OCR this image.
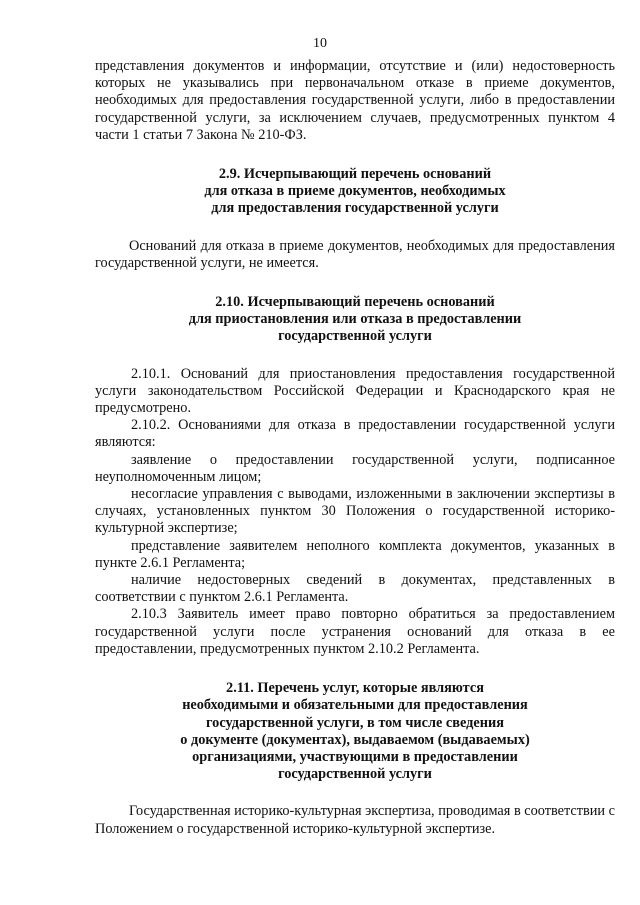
10

представления документов и информации, отсутствие и (или) недостоверность которых не указывались при первоначальном отказе в приеме документов, необходимых для предоставления государственной услуги, либо в предоставлении государственной услуги, за исключением случаев, предусмотренных пунктом 4 части 1 статьи 7 Закона № 210-ФЗ.

2.9. Исчерпывающий перечень оснований
для отказа в приеме документов, необходимых
для предоставления государственной услуги

Оснований для отказа в приеме документов, необходимых для предоставления государственной услуги, не имеется.

2.10. Исчерпывающий перечень оснований
для приостановления или отказа в предоставлении
государственной услуги

2.10.1. Оснований для приостановления предоставления государственной услуги законодательством Российской Федерации и Краснодарского края не предусмотрено.

2.10.2. Основаниями для отказа в предоставлении государственной услуги являются:

заявление о предоставлении государственной услуги, подписанное неуполномоченным лицом;

несогласие управления с выводами, изложенными в заключении экспертизы в случаях, установленных пунктом 30 Положения о государственной историко-культурной экспертизе;

представление заявителем неполного комплекта документов, указанных в пункте 2.6.1 Регламента;

наличие недостоверных сведений в документах, представленных в соответствии с пунктом 2.6.1 Регламента.

2.10.3 Заявитель имеет право повторно обратиться за предоставлением государственной услуги после устранения оснований для отказа в ее предоставлении, предусмотренных пунктом 2.10.2 Регламента.

2.11. Перечень услуг, которые являются
необходимыми и обязательными для предоставления
государственной услуги, в том числе сведения
о документе (документах), выдаваемом (выдаваемых)
организациями, участвующими в предоставлении
государственной услуги

Государственная историко-культурная экспертиза, проводимая в соответствии с Положением о государственной историко-культурной экспертизе.
